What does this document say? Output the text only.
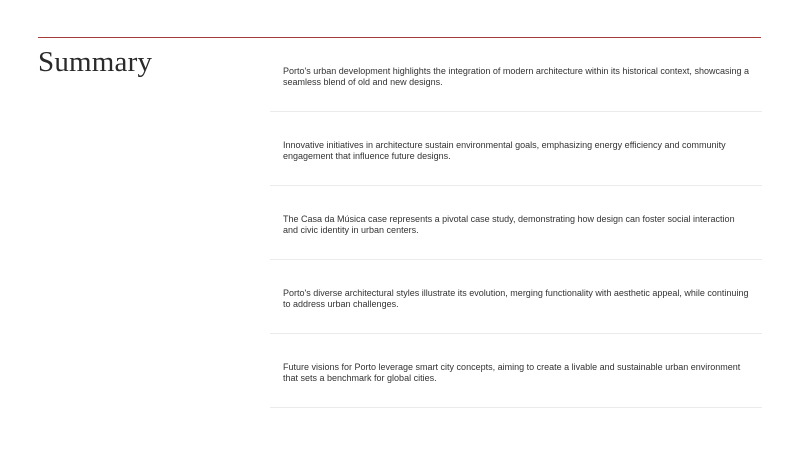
Summary	Porto's urban development highlights the integration of modern architecture within its historical context, showcasing a seamless blend of old and new designs.
Innovative initiatives in architecture sustain environmental goals, emphasizing energy efficiency and community engagement that influence future designs.
The Casa da Música case represents a pivotal case study, demonstrating how design can foster social interaction and civic identity in urban centers.
Porto's diverse architectural styles illustrate its evolution, merging functionality with aesthetic appeal, while continuing to address urban challenges.
Future visions for Porto leverage smart city concepts, aiming to create a livable and sustainable urban environment that sets a benchmark for global cities.
